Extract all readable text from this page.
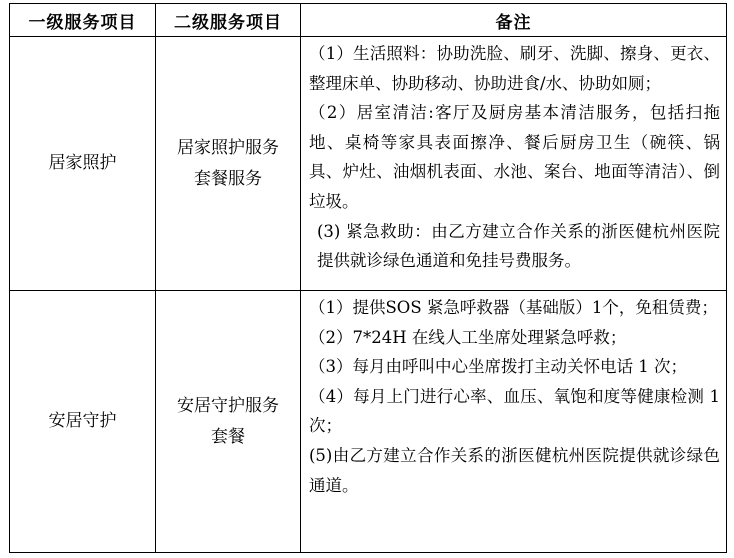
一级服务项目	二级服务项目	备注
居家照护	居家照护服务套餐服务	（1）生活照料：协助洗脸、刷牙、洗脚、擦身、更衣、整理床单、协助移动、协助进食/水、协助如厕；
（2）居室清洁:客厅及厨房基本清洁服务，包括扫拖地、桌椅等家具表面擦净、餐后厨房卫生（碗筷、锅具、炉灶、油烟机表面、水池、案台、地面等清洁）、倒垃圾。
(3) 紧急救助：由乙方建立合作关系的浙医健杭州医院提供就诊绿色通道和免挂号费服务。

安居守护	安居守护服务套餐	（1）提供SOS 紧急呼救器（基础版）1个，免租赁费；
（2）7*24H 在线人工坐席处理紧急呼救；
（3）每月由呼叫中心坐席拨打主动关怀电话 1 次；
（4）每月上门进行心率、血压、氧饱和度等健康检测 1 次；
(5)由乙方建立合作关系的浙医健杭州医院提供就诊绿色通道。
